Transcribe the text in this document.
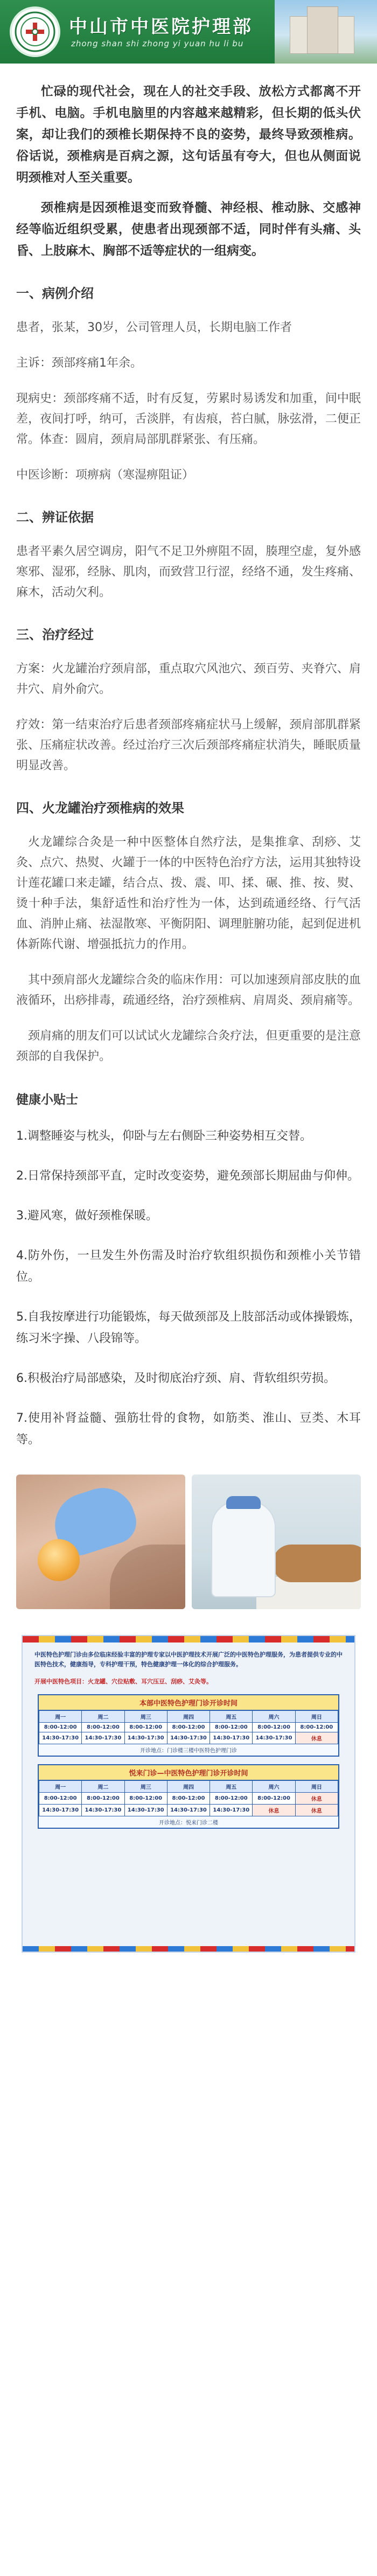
中山市中医院护理部
zhong shan shi zhong yi yuan hu li bu

忙碌的现代社会，现在人的社交手段、放松方式都离不开手机、电脑。手机电脑里的内容越来越精彩，但长期的低头伏案，却让我们的颈椎长期保持不良的姿势，最终导致颈椎病。俗话说，颈椎病是百病之源，这句话虽有夸大，但也从侧面说明颈椎对人至关重要。

颈椎病是因颈椎退变而致脊髓、神经根、椎动脉、交感神经等临近组织受累，使患者出现颈部不适，同时伴有头痛、头昏、上肢麻木、胸部不适等症状的一组病变。

一、病例介绍

患者，张某，30岁，公司管理人员，长期电脑工作者

主诉：颈部疼痛1年余。

现病史：颈部疼痛不适，时有反复，劳累时易诱发和加重，间中眠差，夜间打呼，纳可，舌淡胖，有齿痕，苔白腻，脉弦滑，二便正常。体查：圆肩，颈肩局部肌群紧张、有压痛。

中医诊断：项痹病（寒湿痹阻证）

二、辨证依据

患者平素久居空调房，阳气不足卫外痹阻不固，腠理空虚，复外感寒邪、湿邪，经脉、肌肉，而致营卫行涩，经络不通，发生疼痛、麻木，活动欠利。

三、治疗经过

方案：火龙罐治疗颈肩部，重点取穴风池穴、颈百劳、夹脊穴、肩井穴、肩外俞穴。

疗效：第一结束治疗后患者颈部疼痛症状马上缓解，颈肩部肌群紧张、压痛症状改善。经过治疗三次后颈部疼痛症状消失，睡眠质量明显改善。

四、火龙罐治疗颈椎病的效果

火龙罐综合灸是一种中医整体自然疗法，是集推拿、刮痧、艾灸、点穴、热熨、火罐于一体的中医特色治疗方法，运用其独特设计莲花罐口来走罐，结合点、拨、震、叩、揉、碾、推、按、熨、烫十种手法，集舒适性和治疗性为一体，达到疏通经络、行气活血、消肿止痛、祛湿散寒、平衡阴阳、调理脏腑功能，起到促进机体新陈代谢、增强抵抗力的作用。

其中颈肩部火龙罐综合灸的临床作用：可以加速颈肩部皮肤的血液循环，出痧排毒，疏通经络，治疗颈椎病、肩周炎、颈肩痛等。

颈肩痛的朋友们可以试试火龙罐综合灸疗法，但更重要的是注意颈部的自我保护。

健康小贴士

1.调整睡姿与枕头，仰卧与左右侧卧三种姿势相互交替。

2.日常保持颈部平直，定时改变姿势，避免颈部长期屈曲与仰伸。

3.避风寒，做好颈椎保暖。

4.防外伤，一旦发生外伤需及时治疗软组织损伤和颈椎小关节错位。

5.自我按摩进行功能锻炼，每天做颈部及上肢部活动或体操锻炼，练习米字操、八段锦等。

6.积极治疗局部感染，及时彻底治疗颈、肩、背软组织劳损。

7.使用补肾益髓、强筋壮骨的食物，如筋类、淮山、豆类、木耳等。

中医特色护理门诊由多位临床经验丰富的护理专家以中医护理技术开展广泛的中医特色护理服务，为患者提供专业的中医特色技术，健康指导，专科护理干预，特色健康护理一体化的综合护理服务。

开展中医特色项目：火龙罐、穴位贴敷、耳穴压豆、刮痧、艾灸等。

本部中医特色护理门诊开诊时间
周一	周二	周三	周四	周五	周六	周日
8:00-12:00	8:00-12:00	8:00-12:00	8:00-12:00	8:00-12:00	8:00-12:00	8:00-12:00
14:30-17:30	14:30-17:30	14:30-17:30	14:30-17:30	14:30-17:30	14:30-17:30	休息
开诊地点：门诊楼三楼中医特色护理门诊
悦来门诊—中医特色护理门诊开诊时间
周一	周二	周三	周四	周五	周六	周日
8:00-12:00	8:00-12:00	8:00-12:00	8:00-12:00	8:00-12:00	8:00-12:00	休息
14:30-17:30	14:30-17:30	14:30-17:30	14:30-17:30	14:30-17:30	休息	休息
开诊地点：悦来门诊二楼
